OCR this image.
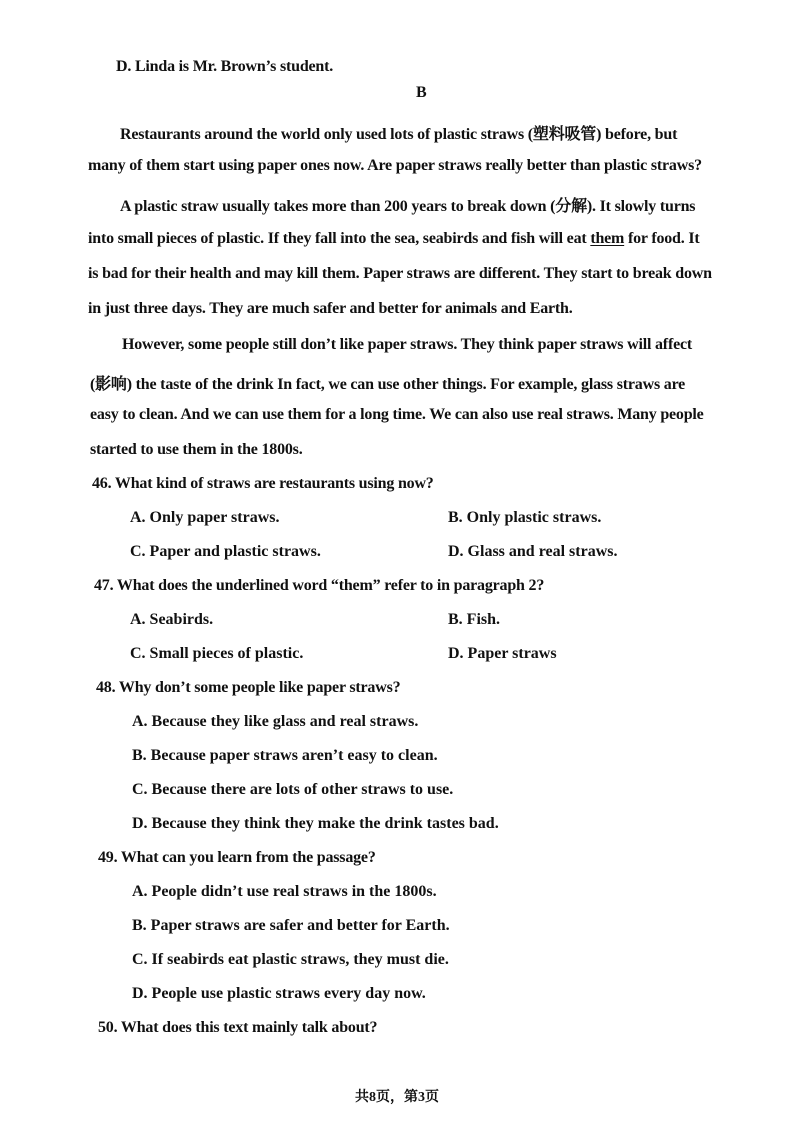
D. Linda is Mr. Brown’s student.
B
Restaurants around the world only used lots of plastic straws (塑料吸管) before, but
many of them start using paper ones now. Are paper straws really better than plastic straws?
A plastic straw usually takes more than 200 years to break down (分解). It slowly turns
into small pieces of plastic. If they fall into the sea, seabirds and fish will eat them for food. It
is bad for their health and may kill them. Paper straws are different. They start to break down
in just three days. They are much safer and better for animals and Earth.
However, some people still don’t like paper straws. They think paper straws will affect
(影响) the taste of the drink In fact, we can use other things. For example, glass straws are
easy to clean. And we can use them for a long time. We can also use real straws. Many people
started to use them in the 1800s.
46. What kind of straws are restaurants using now?
A. Only paper straws.	B. Only plastic straws.
C. Paper and plastic straws.	D. Glass and real straws.
47. What does the underlined word “them” refer to in paragraph 2?
A. Seabirds.	B. Fish.
C. Small pieces of plastic.	D. Paper straws
48. Why don’t some people like paper straws?
A. Because they like glass and real straws.
B. Because paper straws aren’t easy to clean.
C. Because there are lots of other straws to use.
D. Because they think they make the drink tastes bad.
49. What can you learn from the passage?
A. People didn’t use real straws in the 1800s.
B. Paper straws are safer and better for Earth.
C. If seabirds eat plastic straws, they must die.
D. People use plastic straws every day now.
50. What does this text mainly talk about?
共8页，第3页
